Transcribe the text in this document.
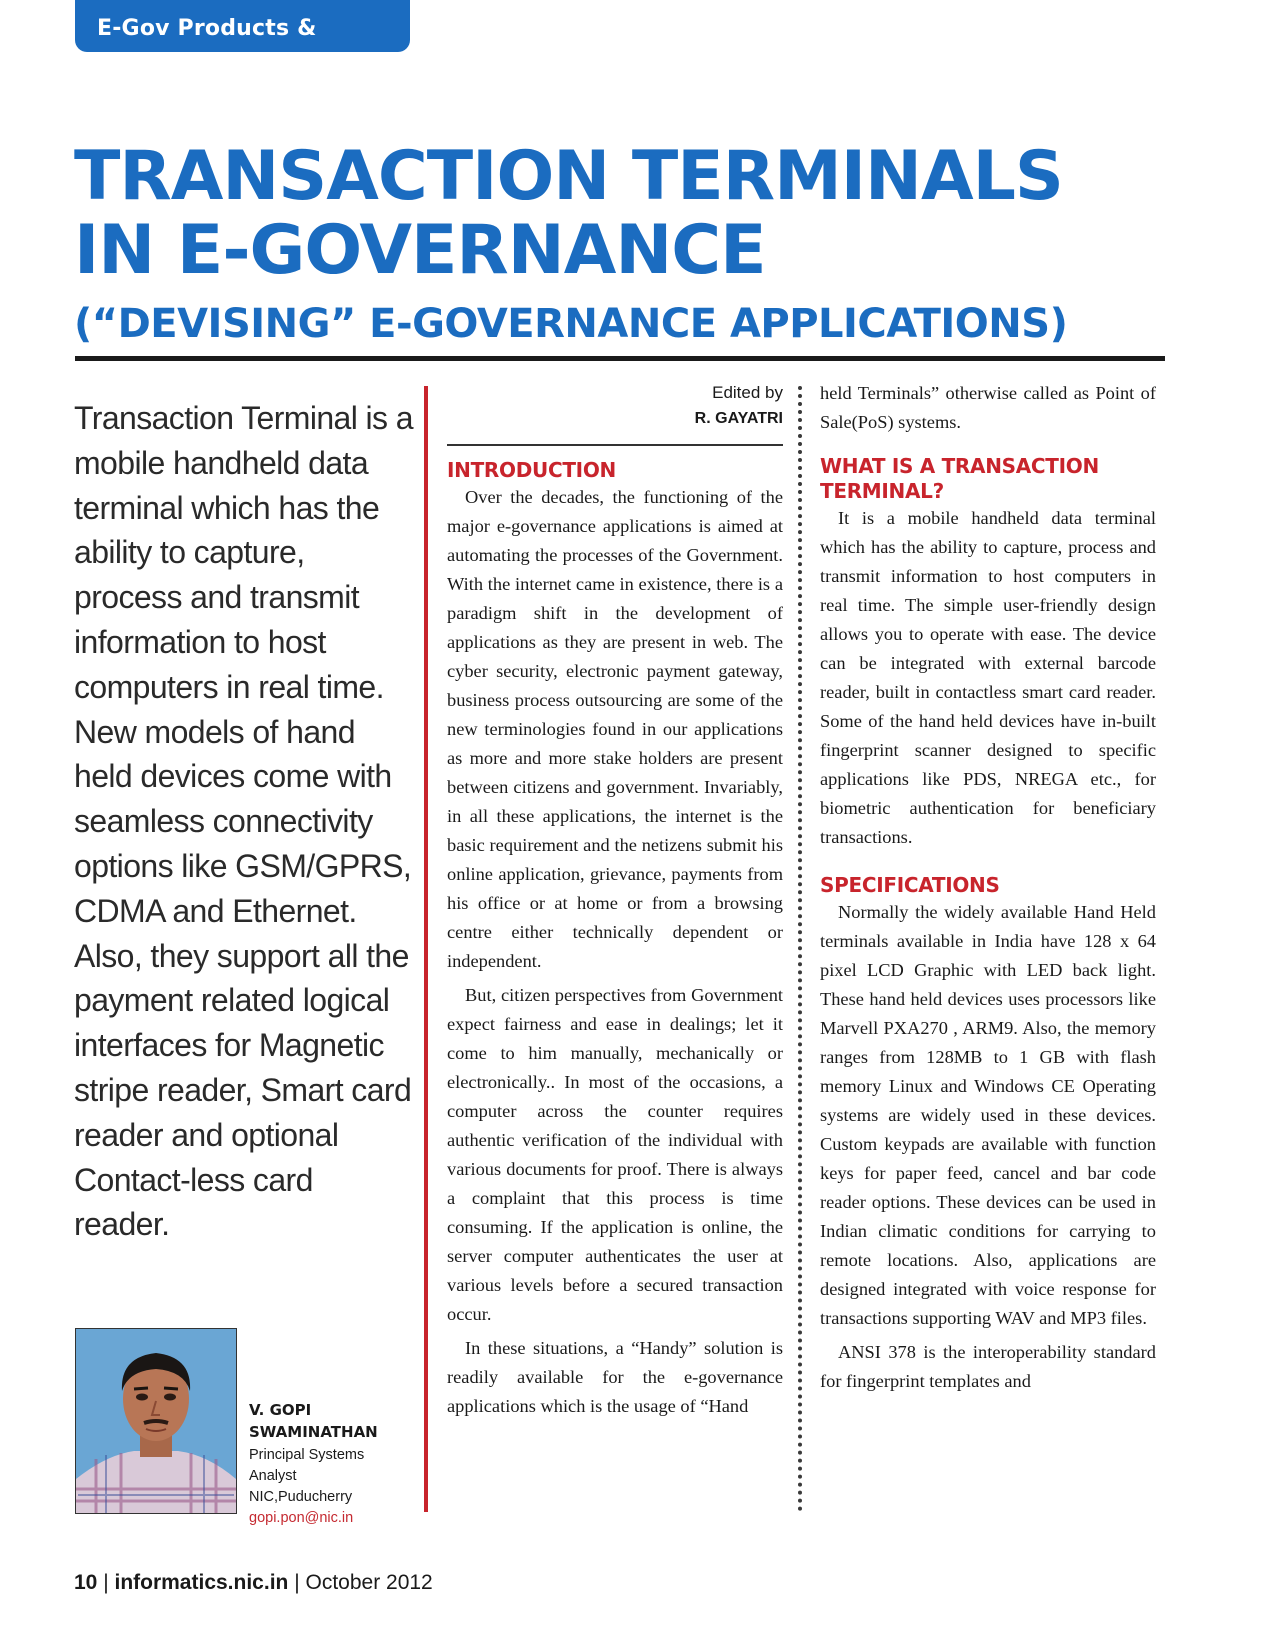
E-Gov Products & Services
TRANSACTION TERMINALS
IN E-GOVERNANCE
(“DEVISING” E-GOVERNANCE APPLICATIONS)

Transaction Terminal is a mobile handheld data terminal which has the ability to capture, process and transmit information to host computers in real time. New models of hand held devices come with seamless connectivity options like GSM/GPRS, CDMA and Ethernet. Also, they support all the payment related logical interfaces for Magnetic stripe reader, Smart card reader and optional Contact-less card reader.

V. GOPI SWAMINATHAN
Principal Systems Analyst
NIC,Puducherry
gopi.pon@nic.in
Edited by
R. GAYATRI
INTRODUCTION

Over the decades, the functioning of the major e-governance applications is aimed at automating the processes of the Government. With the internet came in existence, there is a paradigm shift in the development of applications as they are present in web. The cyber security, electronic payment gateway, business process outsourcing are some of the new terminologies found in our applications as more and more stake holders are present between citizens and government. Invariably, in all these applications, the internet is the basic requirement and the netizens submit his online application, grievance, payments from his office or at home or from a browsing centre either technically dependent or independent.

But, citizen perspectives from Government expect fairness and ease in dealings; let it come to him manually, mechanically or electronically.. In most of the occasions, a computer across the counter requires authentic verification of the individual with various documents for proof. There is always a complaint that this process is time consuming. If the application is online, the server computer authenticates the user at various levels before a secured transaction occur.

In these situations, a “Handy” solution is readily available for the e-governance applications which is the usage of “Hand

held Terminals” otherwise called as Point of Sale(PoS) systems.

WHAT IS A TRANSACTION TERMINAL?

It is a mobile handheld data terminal which has the ability to capture, process and transmit information to host computers in real time. The simple user-friendly design allows you to operate with ease. The device can be integrated with external barcode reader, built in contactless smart card reader. Some of the hand held devices have in-built fingerprint scanner designed to specific applications like PDS, NREGA etc., for biometric authentication for beneficiary transactions.

SPECIFICATIONS

Normally the widely available Hand Held terminals available in India have 128 x 64 pixel LCD Graphic with LED back light. These hand held devices uses processors like Marvell PXA270 , ARM9. Also, the memory ranges from 128MB to 1 GB with flash memory Linux and Windows CE Operating systems are widely used in these devices. Custom keypads are available with function keys for paper feed, cancel and bar code reader options. These devices can be used in Indian climatic conditions for carrying to remote locations. Also, applications are designed integrated with voice response for transactions supporting WAV and MP3 files.

ANSI 378 is the interoperability standard for fingerprint templates and

10 | informatics.nic.in | October 2012
